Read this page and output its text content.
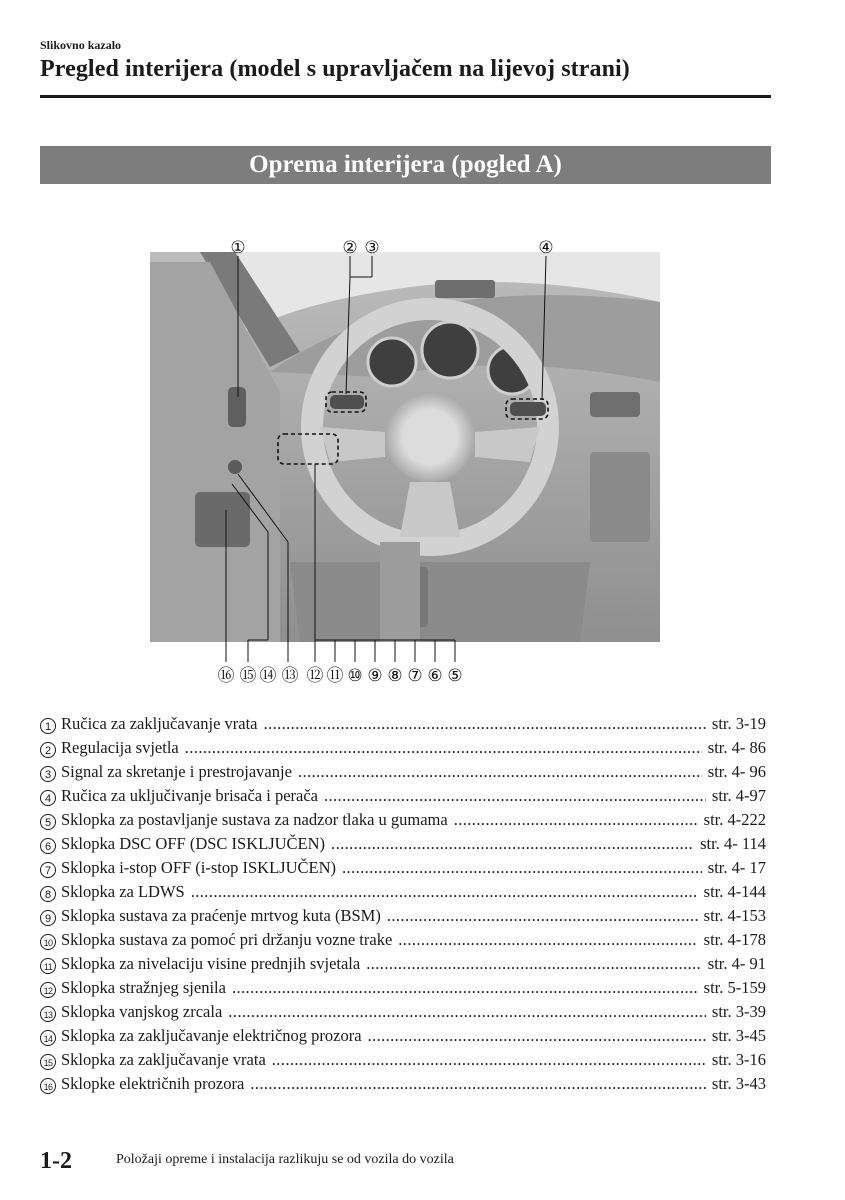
Slikovno kazalo
Pregled interijera (model s upravljačem na lijevoj strani)
Oprema interijera (pogled A)
①	② ③	④
⑯ ⑮ ⑭ ⑬ ⑫ ⑪ ⑩ ⑨ ⑧ ⑦ ⑥ ⑤
1 Ručica za zaključavanje vrata .....	str. 3-19
2 Regulacija svjetla .....	str. 4- 86
3 Signal za skretanje i prestrojavanje .....	str. 4- 96
4 Ručica za uključivanje brisača i perača .....	str. 4-97
5 Sklopka za postavljanje sustava za nadzor tlaka u gumama .....	str. 4-222
6 Sklopka DSC OFF (DSC ISKLJUČEN) .....	str. 4- 114
7 Sklopka i-stop OFF (i-stop ISKLJUČEN) .....	str. 4- 17
8 Sklopka za LDWS .....	str. 4-144
9 Sklopka sustava za praćenje mrtvog kuta (BSM) .....	str. 4-153
10 Sklopka sustava za pomoć pri držanju vozne trake .....	str. 4-178
11 Sklopka za nivelaciju visine prednjih svjetala .....	str. 4- 91
12 Sklopka stražnjeg sjenila .....	str. 5-159
13 Sklopka vanjskog zrcala .....	str. 3-39
14 Sklopka za zaključavanje električnog prozora .....	str. 3-45
15 Sklopka za zaključavanje vrata .....	str. 3-16
16 Sklopke električnih prozora .....	str. 3-43
1-2	Položaji opreme i instalacija razlikuju se od vozila do vozila
